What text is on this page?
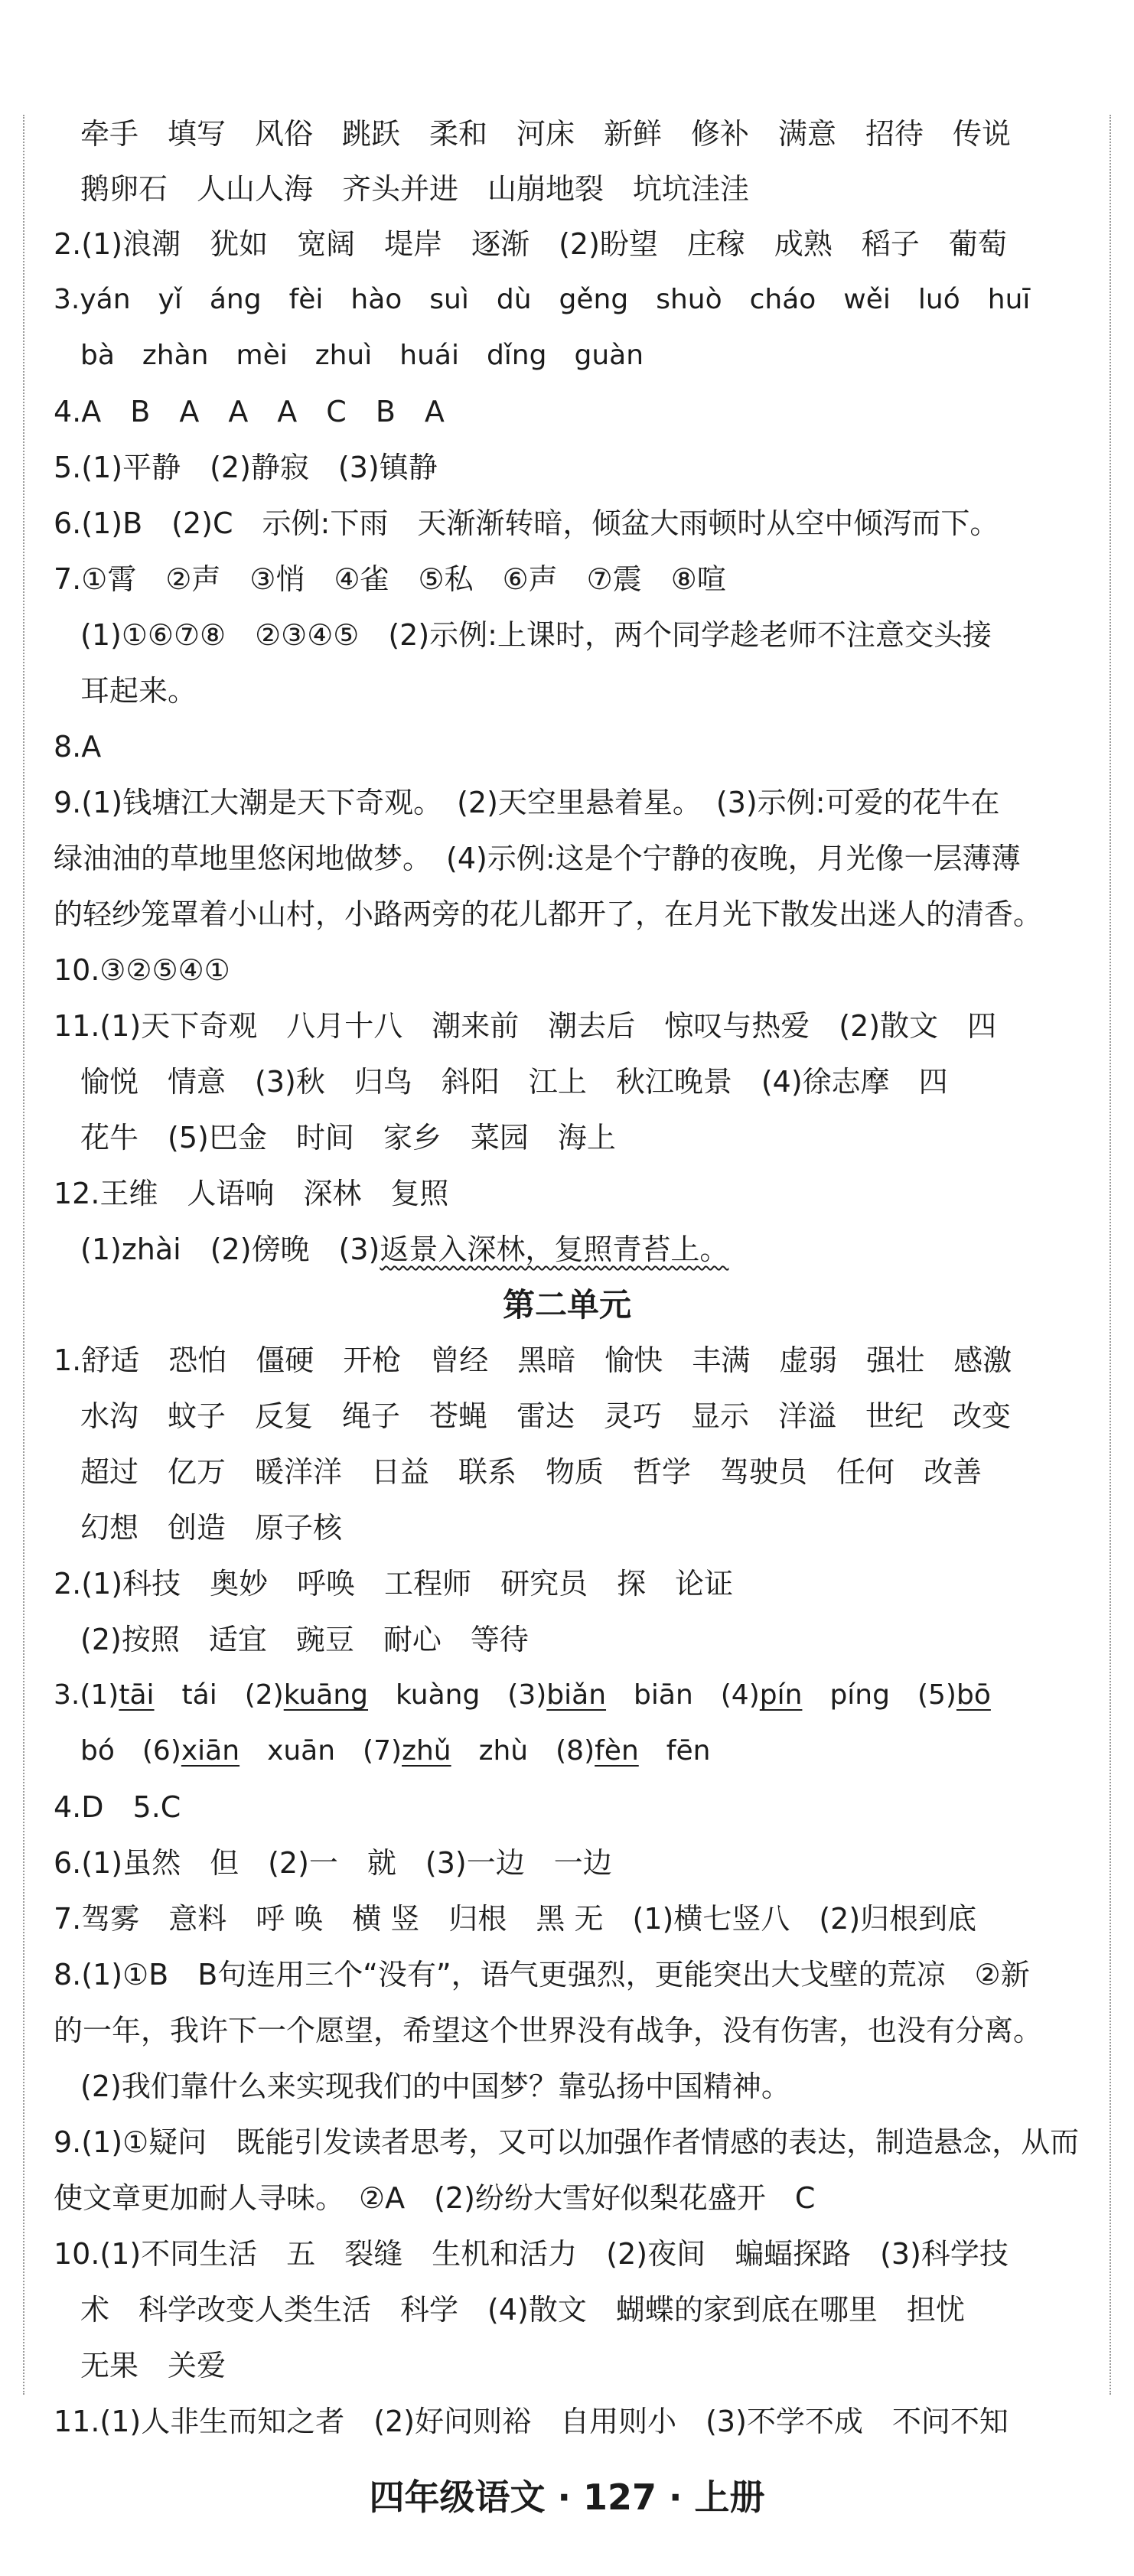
牵手　填写　风俗　跳跃　柔和　河床　新鲜　修补　满意　招待　传说
鹅卵石　人山人海　齐头并进　山崩地裂　坑坑洼洼
2.(1)浪潮　犹如　宽阔　堤岸　逐渐　(2)盼望　庄稼　成熟　稻子　葡萄
3.yán　yǐ　áng　fèi　hào　suì　dù　gěng　shuò　cháo　wěi　luó　huī
bà　zhàn　mèi　zhuì　huái　dǐng　guàn
4.A　B　A　A　A　C　B　A
5.(1)平静　(2)静寂　(3)镇静
6.(1)B　(2)C　示例:下雨　天渐渐转暗，倾盆大雨顿时从空中倾泻而下。
7.①霄　②声　③悄　④雀　⑤私　⑥声　⑦震　⑧喧
(1)①⑥⑦⑧　②③④⑤　(2)示例:上课时，两个同学趁老师不注意交头接
耳起来。
8.A
9.(1)钱塘江大潮是天下奇观。　(2)天空里悬着星。　(3)示例:可爱的花牛在
绿油油的草地里悠闲地做梦。　(4)示例:这是个宁静的夜晚，月光像一层薄薄
的轻纱笼罩着小山村，小路两旁的花儿都开了，在月光下散发出迷人的清香。
10.③②⑤④①
11.(1)天下奇观　八月十八　潮来前　潮去后　惊叹与热爱　(2)散文　四
愉悦　情意　(3)秋　归鸟　斜阳　江上　秋江晚景　(4)徐志摩　四
花牛　(5)巴金　时间　家乡　菜园　海上
12.王维　人语响　深林　复照
(1)zhài　(2)傍晚　(3)返景入深林，复照青苔上。
第二单元
1.舒适　恐怕　僵硬　开枪　曾经　黑暗　愉快　丰满　虚弱　强壮　感激
水沟　蚊子　反复　绳子　苍蝇　雷达　灵巧　显示　洋溢　世纪　改变
超过　亿万　暖洋洋　日益　联系　物质　哲学　驾驶员　任何　改善
幻想　创造　原子核
2.(1)科技　奥妙　呼唤　工程师　研究员　探　论证
(2)按照　适宜　豌豆　耐心　等待
3.(1)tāi　tái　(2)kuāng　kuàng　(3)biǎn　biān　(4)pín　píng　(5)bō
bó　(6)xiān　xuān　(7)zhǔ　zhù　(8)fèn　fēn
4.D　5.C
6.(1)虽然　但　(2)一　就　(3)一边　一边
7.驾雾　意料　呼 唤　横 竖　归根　黑 无　(1)横七竖八　(2)归根到底
8.(1)①B　B句连用三个“没有”，语气更强烈，更能突出大戈壁的荒凉　②新
的一年，我许下一个愿望，希望这个世界没有战争，没有伤害，也没有分离。
(2)我们靠什么来实现我们的中国梦？靠弘扬中国精神。
9.(1)①疑问　既能引发读者思考，又可以加强作者情感的表达，制造悬念，从而
使文章更加耐人寻味。　②A　(2)纷纷大雪好似梨花盛开　C
10.(1)不同生活　五　裂缝　生机和活力　(2)夜间　蝙蝠探路　(3)科学技
术　科学改变人类生活　科学　(4)散文　蝴蝶的家到底在哪里　担忧
无果　关爱
11.(1)人非生而知之者　(2)好问则裕　自用则小　(3)不学不成　不问不知
四年级语文 · 127 · 上册
